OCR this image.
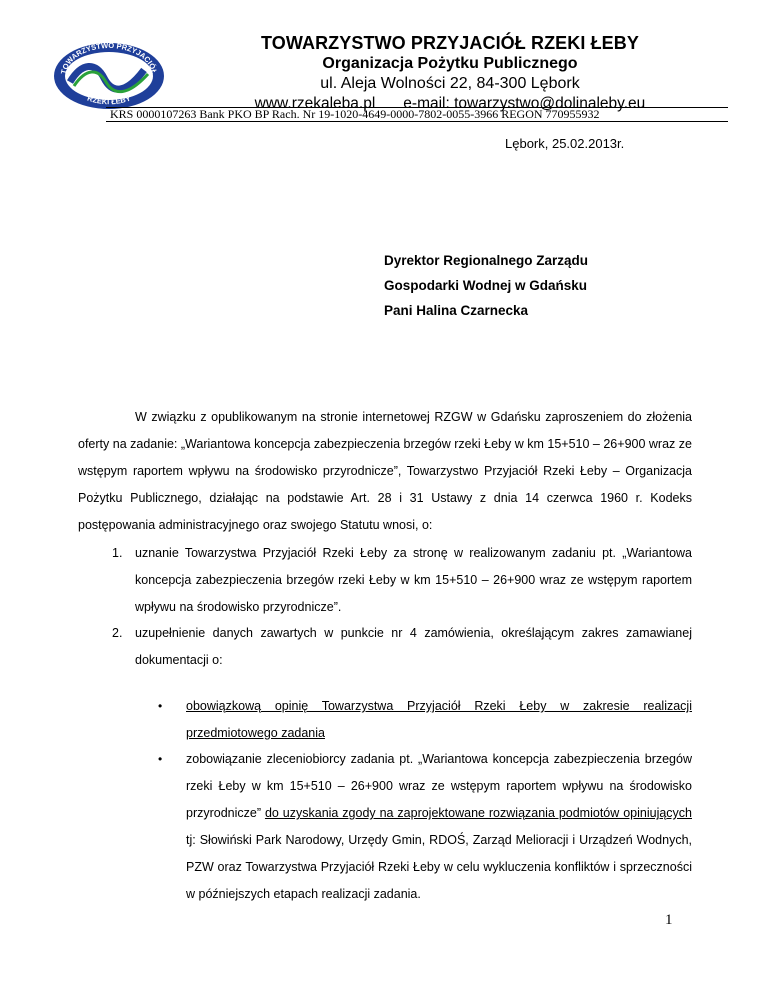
TOWARZYSTWO PRZYJACIÓŁ
RZEKI ŁEBY
TOWARZYSTWO PRZYJACIÓŁ RZEKI ŁEBY
Organizacja Pożytku Publicznego
ul. Aleja Wolności 22, 84-300 Lębork
www.rzekaleba.pl e-mail: towarzystwo@dolinaleby.eu
KRS 0000107263 Bank PKO BP Rach. Nr 19-1020-4649-0000-7802-0055-3966 REGON 770955932
Lębork, 25.02.2013r.
Dyrektor Regionalnego Zarządu
Gospodarki Wodnej w Gdańsku
Pani Halina Czarnecka
W związku z opublikowanym na stronie internetowej RZGW w Gdańsku zaproszeniem do złożenia oferty na zadanie: „Wariantowa koncepcja zabezpieczenia brzegów rzeki Łeby w km 15+510 – 26+900 wraz ze wstępym raportem wpływu na środowisko przyrodnicze”, Towarzystwo Przyjaciół Rzeki Łeby – Organizacja Pożytku Publicznego, działając na podstawie Art. 28 i 31 Ustawy z dnia 14 czerwca 1960 r. Kodeks postępowania administracyjnego oraz swojego Statutu wnosi, o:
1. uznanie Towarzystwa Przyjaciół Rzeki Łeby za stronę w realizowanym zadaniu pt. „Wariantowa koncepcja zabezpieczenia brzegów rzeki Łeby w km 15+510 – 26+900 wraz ze wstępym raportem wpływu na środowisko przyrodnicze”.
2. uzupełnienie danych zawartych w punkcie nr 4 zamówienia, określającym zakres zamawianej dokumentacji o:
• obowiązkową opinię Towarzystwa Przyjaciół Rzeki Łeby w zakresie realizacji przedmiotowego zadania
• zobowiązanie zleceniobiorcy zadania pt. „Wariantowa koncepcja zabezpieczenia brzegów rzeki Łeby w km 15+510 – 26+900 wraz ze wstępym raportem wpływu na środowisko przyrodnicze” do uzyskania zgody na zaprojektowane rozwiązania podmiotów opiniujących tj: Słowiński Park Narodowy, Urzędy Gmin, RDOŚ, Zarząd Melioracji i Urządzeń Wodnych, PZW oraz Towarzystwa Przyjaciół Rzeki Łeby w celu wykluczenia konfliktów i sprzeczności w późniejszych etapach realizacji zadania.
1
